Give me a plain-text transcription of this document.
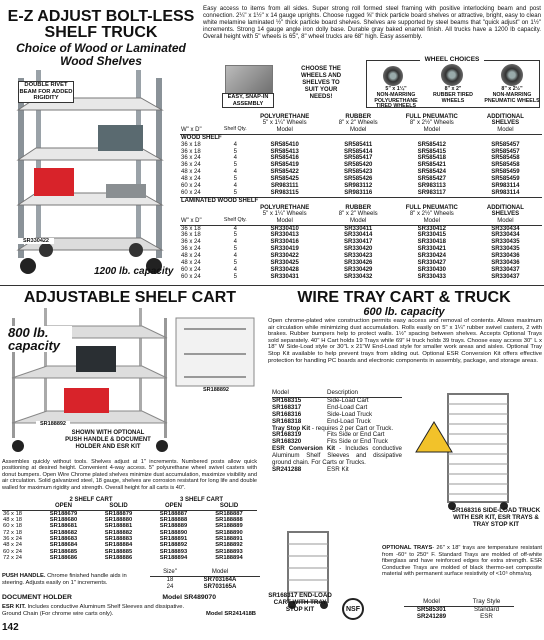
E-Z ADJUST BOLT-LESS
SHELF TRUCK
Choice of Wood or Laminated
Wood Shelves
Easy access to items from all sides. Super strong roll formed steel framing with positive interlocking beam and post connection. 2¼" x 1½" x 14 gauge uprights. Choose rugged ⅝" thick particle board shelves or attractive, bright, easy to clean white melamine laminated ½" thick particle board shelves. Shelves are supported by steel beams that "quick adjust" on 1½" increments. Strong 14 gauge angle iron dolly base. Durable gray baked enamel finish. All trucks have a 1200 lb capacity. Overall height with 5" wheels is 65", 8" wheel trucks are 68" high. Easy assembly.
DOUBLE RIVET BEAM FOR ADDED RIGIDITY	EASY, SNAP-IN ASSEMBLY
CHOOSE THE WHEELS AND SHELVES TO SUIT YOUR NEEDS!
SR330422
1200 lb. capacity
WHEEL CHOICES
5" x 1¼"
NON-MARRING POLYURETHANE TIRED WHEELS
8" x 2"
RUBBER TIRED WHEELS
8" x 2½"
NON-MARRING PNEUMATIC WHEELS
		POLYURETHANE
5" x 1¼" Wheels	RUBBER
8" x 2" Wheels	FULL PNEUMATIC
8" x 2½" Wheels	ADDITIONAL
SHELVES
W" x D"	Shelf Qty.	Model	Model	Model	Model
WOOD SHELF					
36 x 18	4	SR585410	SR585411	SR585412	SR585457
36 x 18	5	SR585413	SR585414	SR585415	SR585457
36 x 24	4	SR585416	SR585417	SR585418	SR585458
36 x 24	5	SR585419	SR585420	SR585421	SR585458
48 x 24	4	SR585422	SR585423	SR585424	SR585459
48 x 24	5	SR585425	SR585426	SR585427	SR585459
60 x 24	4	SR983111	SR983112	SR983113	SR983114
60 x 24	5	SR983115	SR983116	SR983117	SR983114
LAMINATED WOOD SHELF					
		POLYURETHANE
5" x 1¼" Wheels	RUBBER
8" x 2" Wheels	FULL PNEUMATIC
8" x 2½" Wheels	ADDITIONAL
SHELVES
W" x D"	Shelf Qty.	Model	Model	Model	Model
36 x 18	4	SR330410	SR330411	SR330412	SR330434
36 x 18	5	SR330413	SR330414	SR330415	SR330434
36 x 24	4	SR330416	SR330417	SR330418	SR330435
36 x 24	5	SR330419	SR330420	SR330421	SR330435
48 x 24	4	SR330422	SR330423	SR330424	SR330436
48 x 24	5	SR330425	SR330426	SR330427	SR330436
60 x 24	4	SR330428	SR330429	SR330430	SR330437
60 x 24	5	SR330431	SR330432	SR330433	SR330437
ADJUSTABLE SHELF CART
800 lb.
capacity
SR188892
SR188892
SHOWN WITH OPTIONAL PUSH HANDLE & DOCUMENT HOLDER AND ESR KIT
Assembles quickly without tools. Shelves adjust at 1" increments. Numbered posts allow quick positioning at desired height. Convenient 4-way access. 5" polyurethane wheel swivel casters with donut bumpers. Open Wire Chrome plated shelves minimize dust accumulation, maximize visibility and air circulation. Solid galvanized steel, 18 gauge, shelves are corrosion resistant for long life and double walled for maximum rigidity and strength. Overall height for all carts is 40".
	2 SHELF CART		3 SHELF CART	
	OPEN	SOLID	OPEN	SOLID
36 x 18	SR188679	SR188879	SR188887	SR188887
48 x 18	SR188680	SR188880	SR188888	SR188888
60 x 18	SR188681	SR188881	SR188889	SR188889
72 x 18	SR188682	SR188882	SR188890	SR188890
36 x 24	SR188683	SR188883	SR188891	SR188891
48 x 24	SR188684	SR188884	SR188892	SR188892
60 x 24	SR188685	SR188885	SR188893	SR188893
72 x 24	SR188686	SR188886	SR188894	SR188894
PUSH HANDLE. Chrome finished handle aids in steering. Adjusts easily on 1" increments.
Size"	Model
18	SR703164A
24	SR703165A
DOCUMENT HOLDER	Model SR489070
ESR KIT. Includes conductive Aluminum Shelf Sleeves and dissipative.
Ground Chain (For chrome wire carts only).	Model SR241418B
142
WIRE TRAY CART & TRUCK
600 lb. capacity
Open chrome-plated wire construction permits easy access and removal of contents. Allows maximum air circulation while minimizing dust accumulation. Rolls easily on 5" x 1¼" rubber swivel casters, 2 with brakes. Rubber bumpers help to protect walls. 1½" spacing between shelves. Accepts Optional Trays sold separately. 40" H Cart holds 19 Trays while 69" H truck holds 39 trays. Choose easy access 30" L x 18" W Side-Load style or 30"L x 21"W End-Load style for smaller work areas and aisles. Optional Tray Stop Kit available to help prevent trays from sliding out. Optional ESR Conversion Kit offers effective protection for handling PC boards and electronic components in assembly, package, and storage areas.
Model	Description
SR168315	Side-Load Cart
SR168317	End-Load Cart
SR168316	Side-Load Truck
SR168318	End-Load Truck
Tray Stop Kit - requires 2 per Cart or Truck.
SR168319	Fits Side or End Cart
SR168320	Fits Side or End Truck
ESR Conversion Kit - Includes conductive Aluminum Shelf Sleeves and dissipative ground chain. For Carts or Trucks.
SR241288	ESR Kit
SR168316 SIDE-LOAD TRUCK WITH ESR KIT, ESR TRAYS & TRAY STOP KIT
SR168317 END-LOAD CART WITH TRAY STOP KIT	NSF
OPTIONAL TRAYS- 26" x 18" trays are temperature resistant from -60° to 250° F. Standard Trays are molded of off-white fiberglass and have reinforced edges for extra strength. ESR Conductive Trays are molded of black thermo-set composite material with permanent surface resistivity of <10⁵ ohms/sq.
Model	Tray Style
SR585301	Standard
SR241289	ESR
